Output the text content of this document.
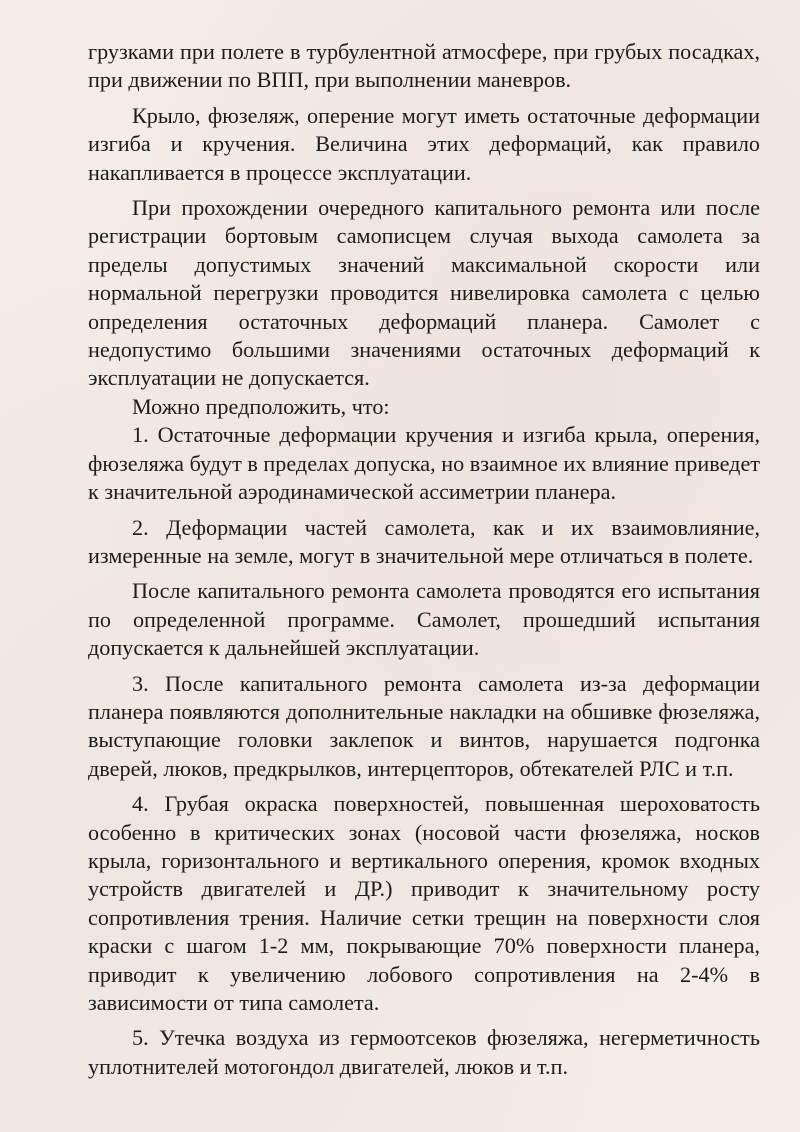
грузками при полете в турбулентной атмосфере, при грубых посадках, при движении по ВПП, при выполнении маневров.

Крыло, фюзеляж, оперение могут иметь остаточные деформации изгиба и кручения. Величина этих деформаций, как правило накапливается в процессе эксплуатации.

При прохождении очередного капитального ремонта или после регистрации бортовым самописцем случая выхода самолета за пределы допустимых значений максимальной скорости или нормальной перегрузки проводится нивелировка самолета с целью определения остаточных деформаций планера. Самолет с недопустимо большими значениями остаточных деформаций к эксплуатации не допускается.

Можно предположить, что:

1. Остаточные деформации кручения и изгиба крыла, оперения, фюзеляжа будут в пределах допуска, но взаимное их влияние приведет к значительной аэродинамической ассиметрии планера.

2. Деформации частей самолета, как и их взаимовлияние, измеренные на земле, могут в значительной мере отличаться в полете.

После капитального ремонта самолета проводятся его испытания по определенной программе. Самолет, прошедший испытания допускается к дальнейшей эксплуатации.

3. После капитального ремонта самолета из-за деформации планера появляются дополнительные накладки на обшивке фюзеляжа, выступающие головки заклепок и винтов, нарушается подгонка дверей, люков, предкрылков, интерцепторов, обтекателей РЛС и т.п.

4. Грубая окраска поверхностей, повышенная шероховатость особенно в критических зонах (носовой части фюзеляжа, носков крыла, горизонтального и вертикального оперения, кромок входных устройств двигателей и ДР.) приводит к значительному росту сопротивления трения. Наличие сетки трещин на поверхности слоя краски с шагом 1-2 мм, покрывающие 70% поверхности планера, приводит к увеличению лобового сопротивления на 2-4% в зависимости от типа самолета.

5. Утечка воздуха из гермоотсеков фюзеляжа, негерметичность уплотнителей мотогондол двигателей, люков и т.п.
